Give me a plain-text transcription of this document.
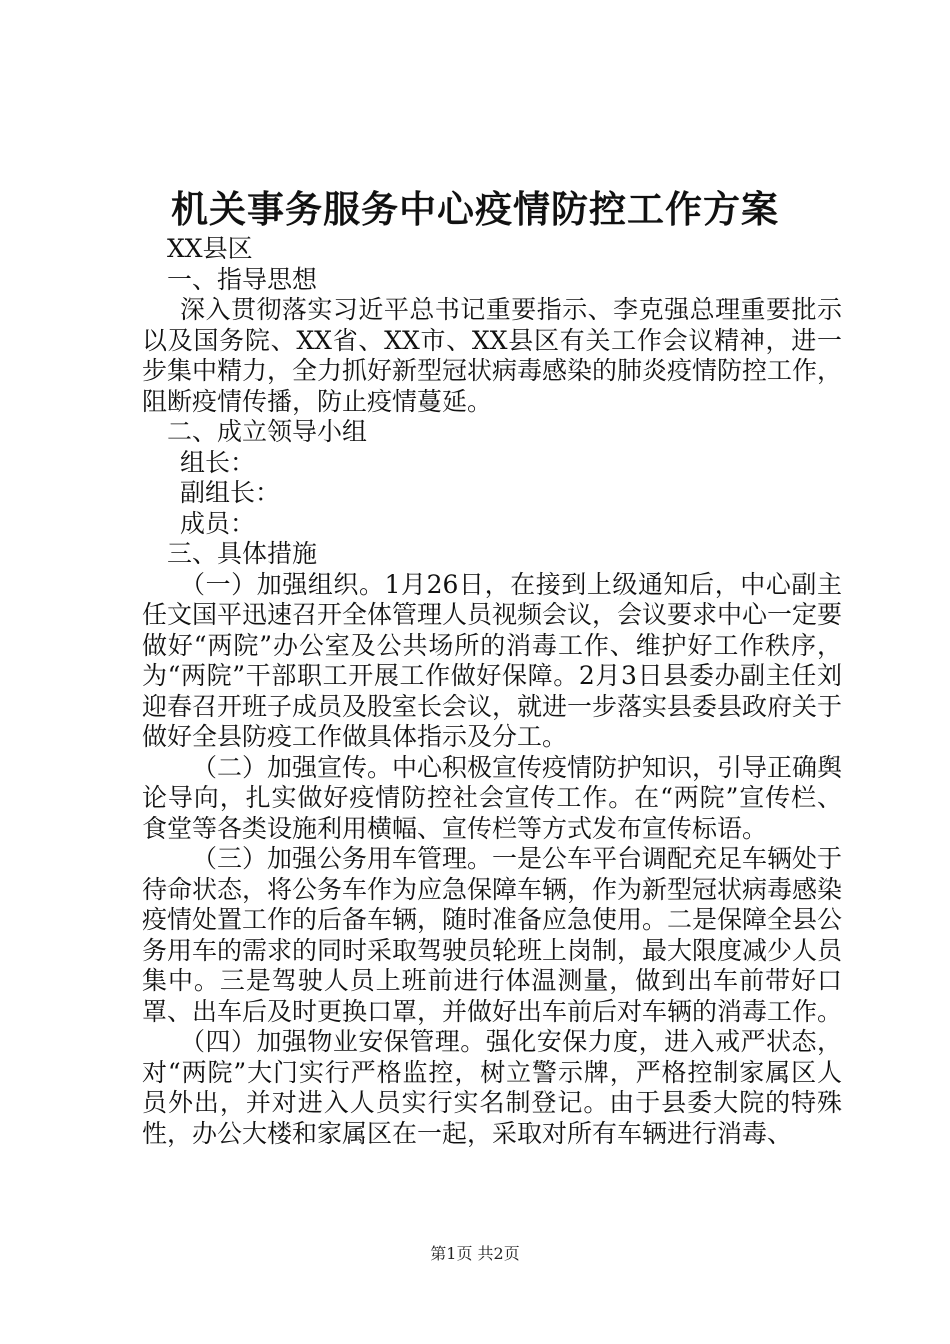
机关事务服务中心疫情防控工作方案

XX县区

一、指导思想

深入贯彻落实习近平总书记重要指示、李克强总理重要批示以及国务院、XX省、XX市、XX县区有关工作会议精神，进一步集中精力，全力抓好新型冠状病毒感染的肺炎疫情防控工作，阻断疫情传播，防止疫情蔓延。

二、成立领导小组

组长：

副组长：

成员：

三、具体措施

（一）加强组织。1月26日，在接到上级通知后，中心副主任文国平迅速召开全体管理人员视频会议，会议要求中心一定要做好“两院”办公室及公共场所的消毒工作、维护好工作秩序，为“两院”干部职工开展工作做好保障。2月3日县委办副主任刘迎春召开班子成员及股室长会议，就进一步落实县委县政府关于做好全县防疫工作做具体指示及分工。

（二）加强宣传。中心积极宣传疫情防护知识，引导正确舆论导向，扎实做好疫情防控社会宣传工作。在“两院”宣传栏、食堂等各类设施利用横幅、宣传栏等方式发布宣传标语。

（三）加强公务用车管理。一是公车平台调配充足车辆处于待命状态，将公务车作为应急保障车辆，作为新型冠状病毒感染疫情处置工作的后备车辆，随时准备应急使用。二是保障全县公务用车的需求的同时采取驾驶员轮班上岗制，最大限度减少人员集中。三是驾驶人员上班前进行体温测量，做到出车前带好口罩、出车后及时更换口罩，并做好出车前后对车辆的消毒工作。

（四）加强物业安保管理。强化安保力度，进入戒严状态，对“两院”大门实行严格监控，树立警示牌，严格控制家属区人员外出，并对进入人员实行实名制登记。由于县委大院的特殊性，办公大楼和家属区在一起，采取对所有车辆进行消毒、

第1页 共2页
